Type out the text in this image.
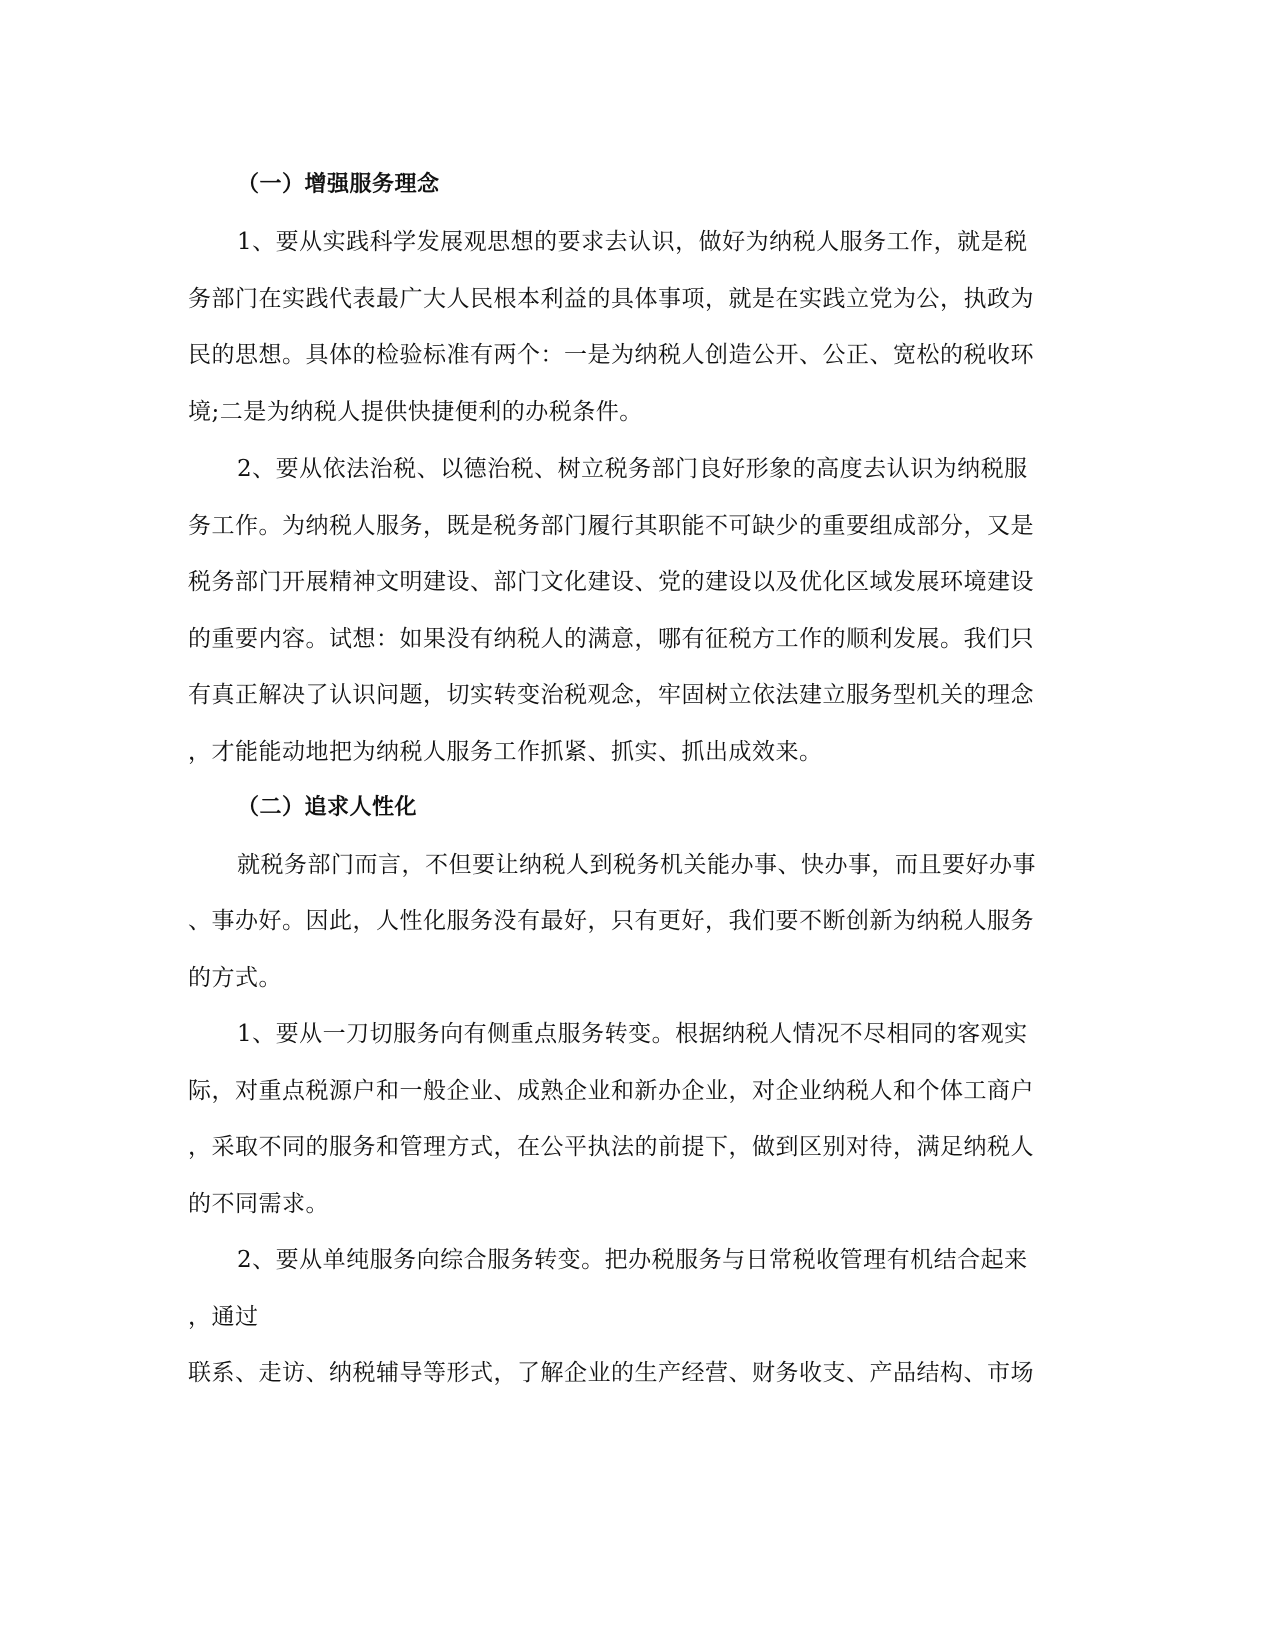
（一）增强服务理念
1、要从实践科学发展观思想的要求去认识，做好为纳税人服务工作，就是税
务部门在实践代表最广大人民根本利益的具体事项，就是在实践立党为公，执政为
民的思想。具体的检验标准有两个：一是为纳税人创造公开、公正、宽松的税收环
境;二是为纳税人提供快捷便利的办税条件。
2、要从依法治税、以德治税、树立税务部门良好形象的高度去认识为纳税服
务工作。为纳税人服务，既是税务部门履行其职能不可缺少的重要组成部分，又是
税务部门开展精神文明建设、部门文化建设、党的建设以及优化区域发展环境建设
的重要内容。试想：如果没有纳税人的满意，哪有征税方工作的顺利发展。我们只
有真正解决了认识问题，切实转变治税观念，牢固树立依法建立服务型机关的理念
，才能能动地把为纳税人服务工作抓紧、抓实、抓出成效来。
（二）追求人性化
就税务部门而言，不但要让纳税人到税务机关能办事、快办事，而且要好办事
、事办好。因此，人性化服务没有最好，只有更好，我们要不断创新为纳税人服务
的方式。
1、要从一刀切服务向有侧重点服务转变。根据纳税人情况不尽相同的客观实
际，对重点税源户和一般企业、成熟企业和新办企业，对企业纳税人和个体工商户
，采取不同的服务和管理方式，在公平执法的前提下，做到区别对待，满足纳税人
的不同需求。
2、要从单纯服务向综合服务转变。把办税服务与日常税收管理有机结合起来
，通过
联系、走访、纳税辅导等形式，了解企业的生产经营、财务收支、产品结构、市场
